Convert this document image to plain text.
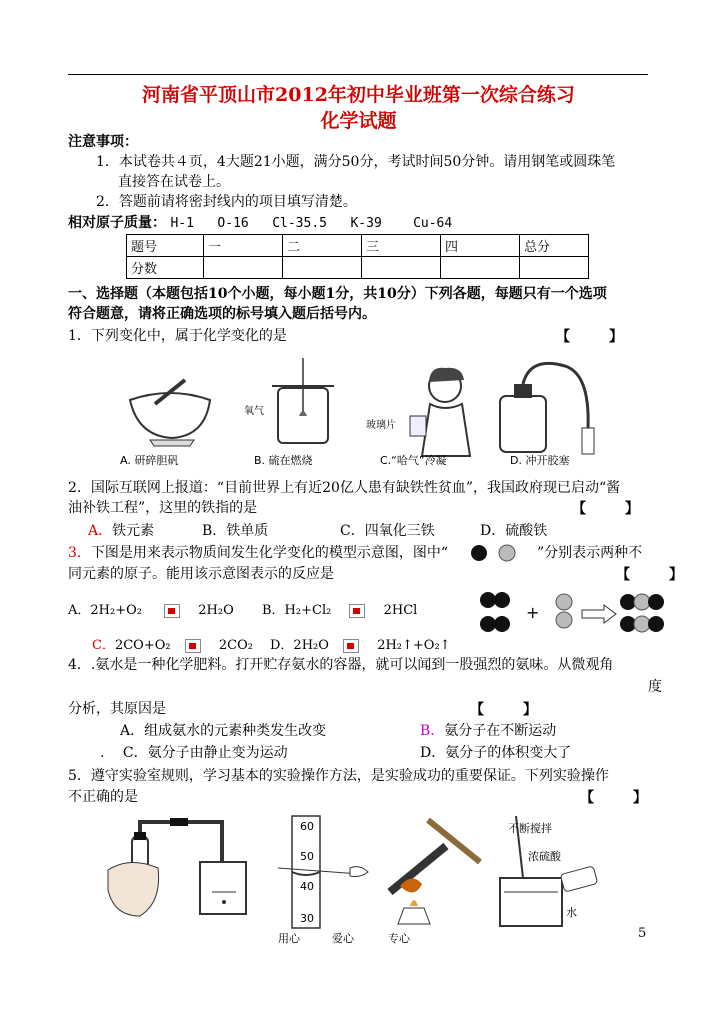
河南省平顶山市2012年初中毕业班第一次综合练习
化学试题
注意事项：
1．本试卷共４页，4大题21小题，满分50分，考试时间50分钟。请用钢笔或圆珠笔
直接答在试卷上。
2．答题前请将密封线内的项目填写清楚。
相对原子质量： H-1   O-16   Cl-35.5   K-39    Cu-64
题号	一	二	三	四	总分
分数					
一、选择题（本题包括10个小题，每小题1分，共10分）下列各题，每题只有一个选项
符合题意，请将正确选项的标号填入题后括号内。
1．下列变化中，属于化学变化的是	【        】
氧气
玻璃片
A. 研碎胆矾	B. 硫在燃烧	C.“哈气”冷凝	D. 冲开胶塞
2．国际互联网上报道：“目前世界上有近20亿人患有缺铁性贫血”，我国政府现已启动“酱
油补铁工程”，这里的铁指的是	【        】
A．铁元素	B．铁单质	C．四氧化三铁	D．硫酸铁
3．下图是用来表示物质间发生化学变化的模型示意图，图中“	”分别表示两种不
同元素的原子。能用该示意图表示的反应是	【        】
A．2H₂+O₂	2H₂O B．H₂+Cl₂	2HCl
C．2CO+O₂	2CO₂ D．2H₂O	2H₂↑+O₂↑
+
4．.氨水是一种化学肥料。打开贮存氨水的容器，就可以闻到一股强烈的氨味。从微观角
度
分析，其原因是	【        】
A．组成氨水的元素种类发生改变	B．氨分子在不断运动
. C．氨分子由静止变为运动	D．氨分子的体积变大了
5．遵守实验室规则，学习基本的实验操作方法，是实验成功的重要保证。下列实验操作
不正确的是	【        】
60
50
40
30
不断搅拌
浓硫酸
水
用心	爱心	专心	5
